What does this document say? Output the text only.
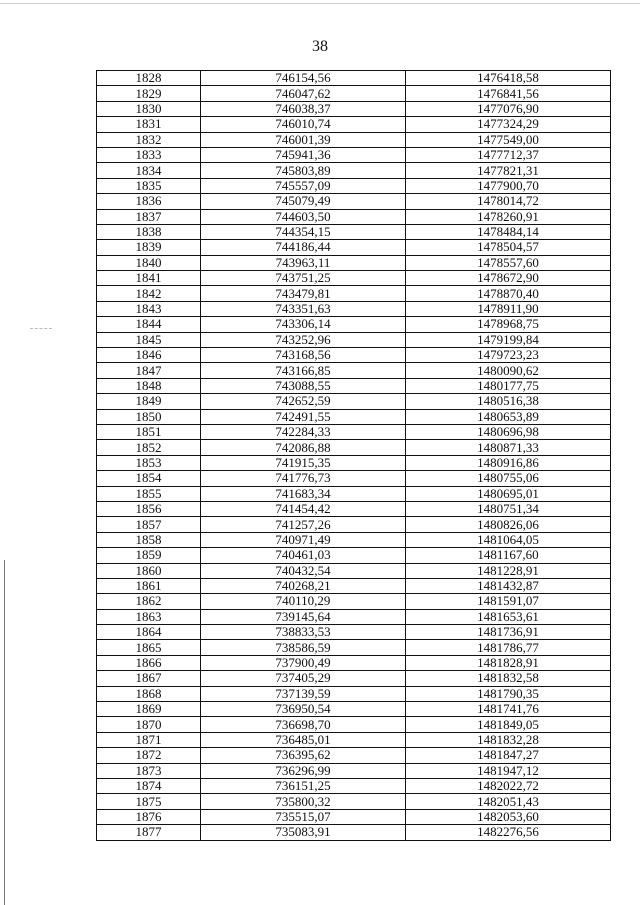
38
1828	746154,56	1476418,58
1829	746047,62	1476841,56
1830	746038,37	1477076,90
1831	746010,74	1477324,29
1832	746001,39	1477549,00
1833	745941,36	1477712,37
1834	745803,89	1477821,31
1835	745557,09	1477900,70
1836	745079,49	1478014,72
1837	744603,50	1478260,91
1838	744354,15	1478484,14
1839	744186,44	1478504,57
1840	743963,11	1478557,60
1841	743751,25	1478672,90
1842	743479,81	1478870,40
1843	743351,63	1478911,90
1844	743306,14	1478968,75
1845	743252,96	1479199,84
1846	743168,56	1479723,23
1847	743166,85	1480090,62
1848	743088,55	1480177,75
1849	742652,59	1480516,38
1850	742491,55	1480653,89
1851	742284,33	1480696,98
1852	742086,88	1480871,33
1853	741915,35	1480916,86
1854	741776,73	1480755,06
1855	741683,34	1480695,01
1856	741454,42	1480751,34
1857	741257,26	1480826,06
1858	740971,49	1481064,05
1859	740461,03	1481167,60
1860	740432,54	1481228,91
1861	740268,21	1481432,87
1862	740110,29	1481591,07
1863	739145,64	1481653,61
1864	738833,53	1481736,91
1865	738586,59	1481786,77
1866	737900,49	1481828,91
1867	737405,29	1481832,58
1868	737139,59	1481790,35
1869	736950,54	1481741,76
1870	736698,70	1481849,05
1871	736485,01	1481832,28
1872	736395,62	1481847,27
1873	736296,99	1481947,12
1874	736151,25	1482022,72
1875	735800,32	1482051,43
1876	735515,07	1482053,60
1877	735083,91	1482276,56
